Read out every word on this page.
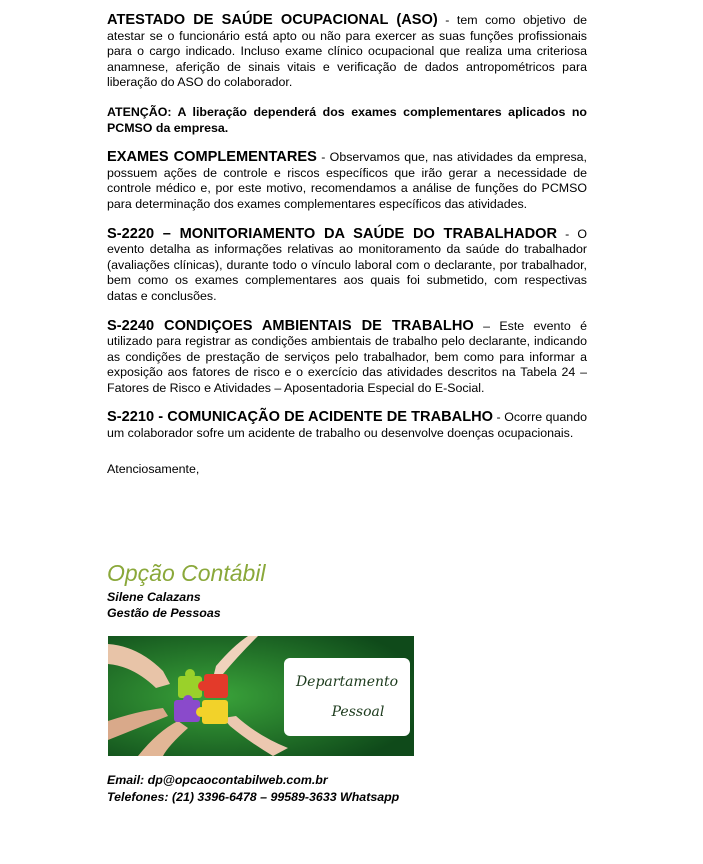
ATESTADO DE SAÚDE OCUPACIONAL (ASO) - tem como objetivo de atestar se o funcionário está apto ou não para exercer as suas funções profissionais para o cargo indicado. Incluso exame clínico ocupacional que realiza uma criteriosa anamnese, aferição de sinais vitais e verificação de dados antropométricos para liberação do ASO do colaborador.

ATENÇÃO: A liberação dependerá dos exames complementares aplicados no PCMSO da empresa.

EXAMES COMPLEMENTARES - Observamos que, nas atividades da empresa, possuem ações de controle e riscos específicos que irão gerar a necessidade de controle médico e, por este motivo, recomendamos a análise de funções do PCMSO para determinação dos exames complementares específicos das atividades.

S-2220 – MONITORIAMENTO DA SAÚDE DO TRABALHADOR - O evento detalha as informações relativas ao monitoramento da saúde do trabalhador (avaliações clínicas), durante todo o vínculo laboral com o declarante, por trabalhador, bem como os exames complementares aos quais foi submetido, com respectivas datas e conclusões.

S-2240 CONDIÇOES AMBIENTAIS DE TRABALHO – Este evento é utilizado para registrar as condições ambientais de trabalho pelo declarante, indicando as condições de prestação de serviços pelo trabalhador, bem como para informar a exposição aos fatores de risco e o exercício das atividades descritos na Tabela 24 – Fatores de Risco e Atividades – Aposentadoria Especial do E-Social.

S-2210 - COMUNICAÇÃO DE ACIDENTE DE TRABALHO - Ocorre quando um colaborador sofre um acidente de trabalho ou desenvolve doenças ocupacionais.

Atenciosamente,

Opção Contábil
Silene Calazans
Gestão de Pessoas
Departamento
Pessoal
Email: dp@opcaocontabilweb.com.br
Telefones: (21) 3396-6478 – 99589-3633 Whatsapp
